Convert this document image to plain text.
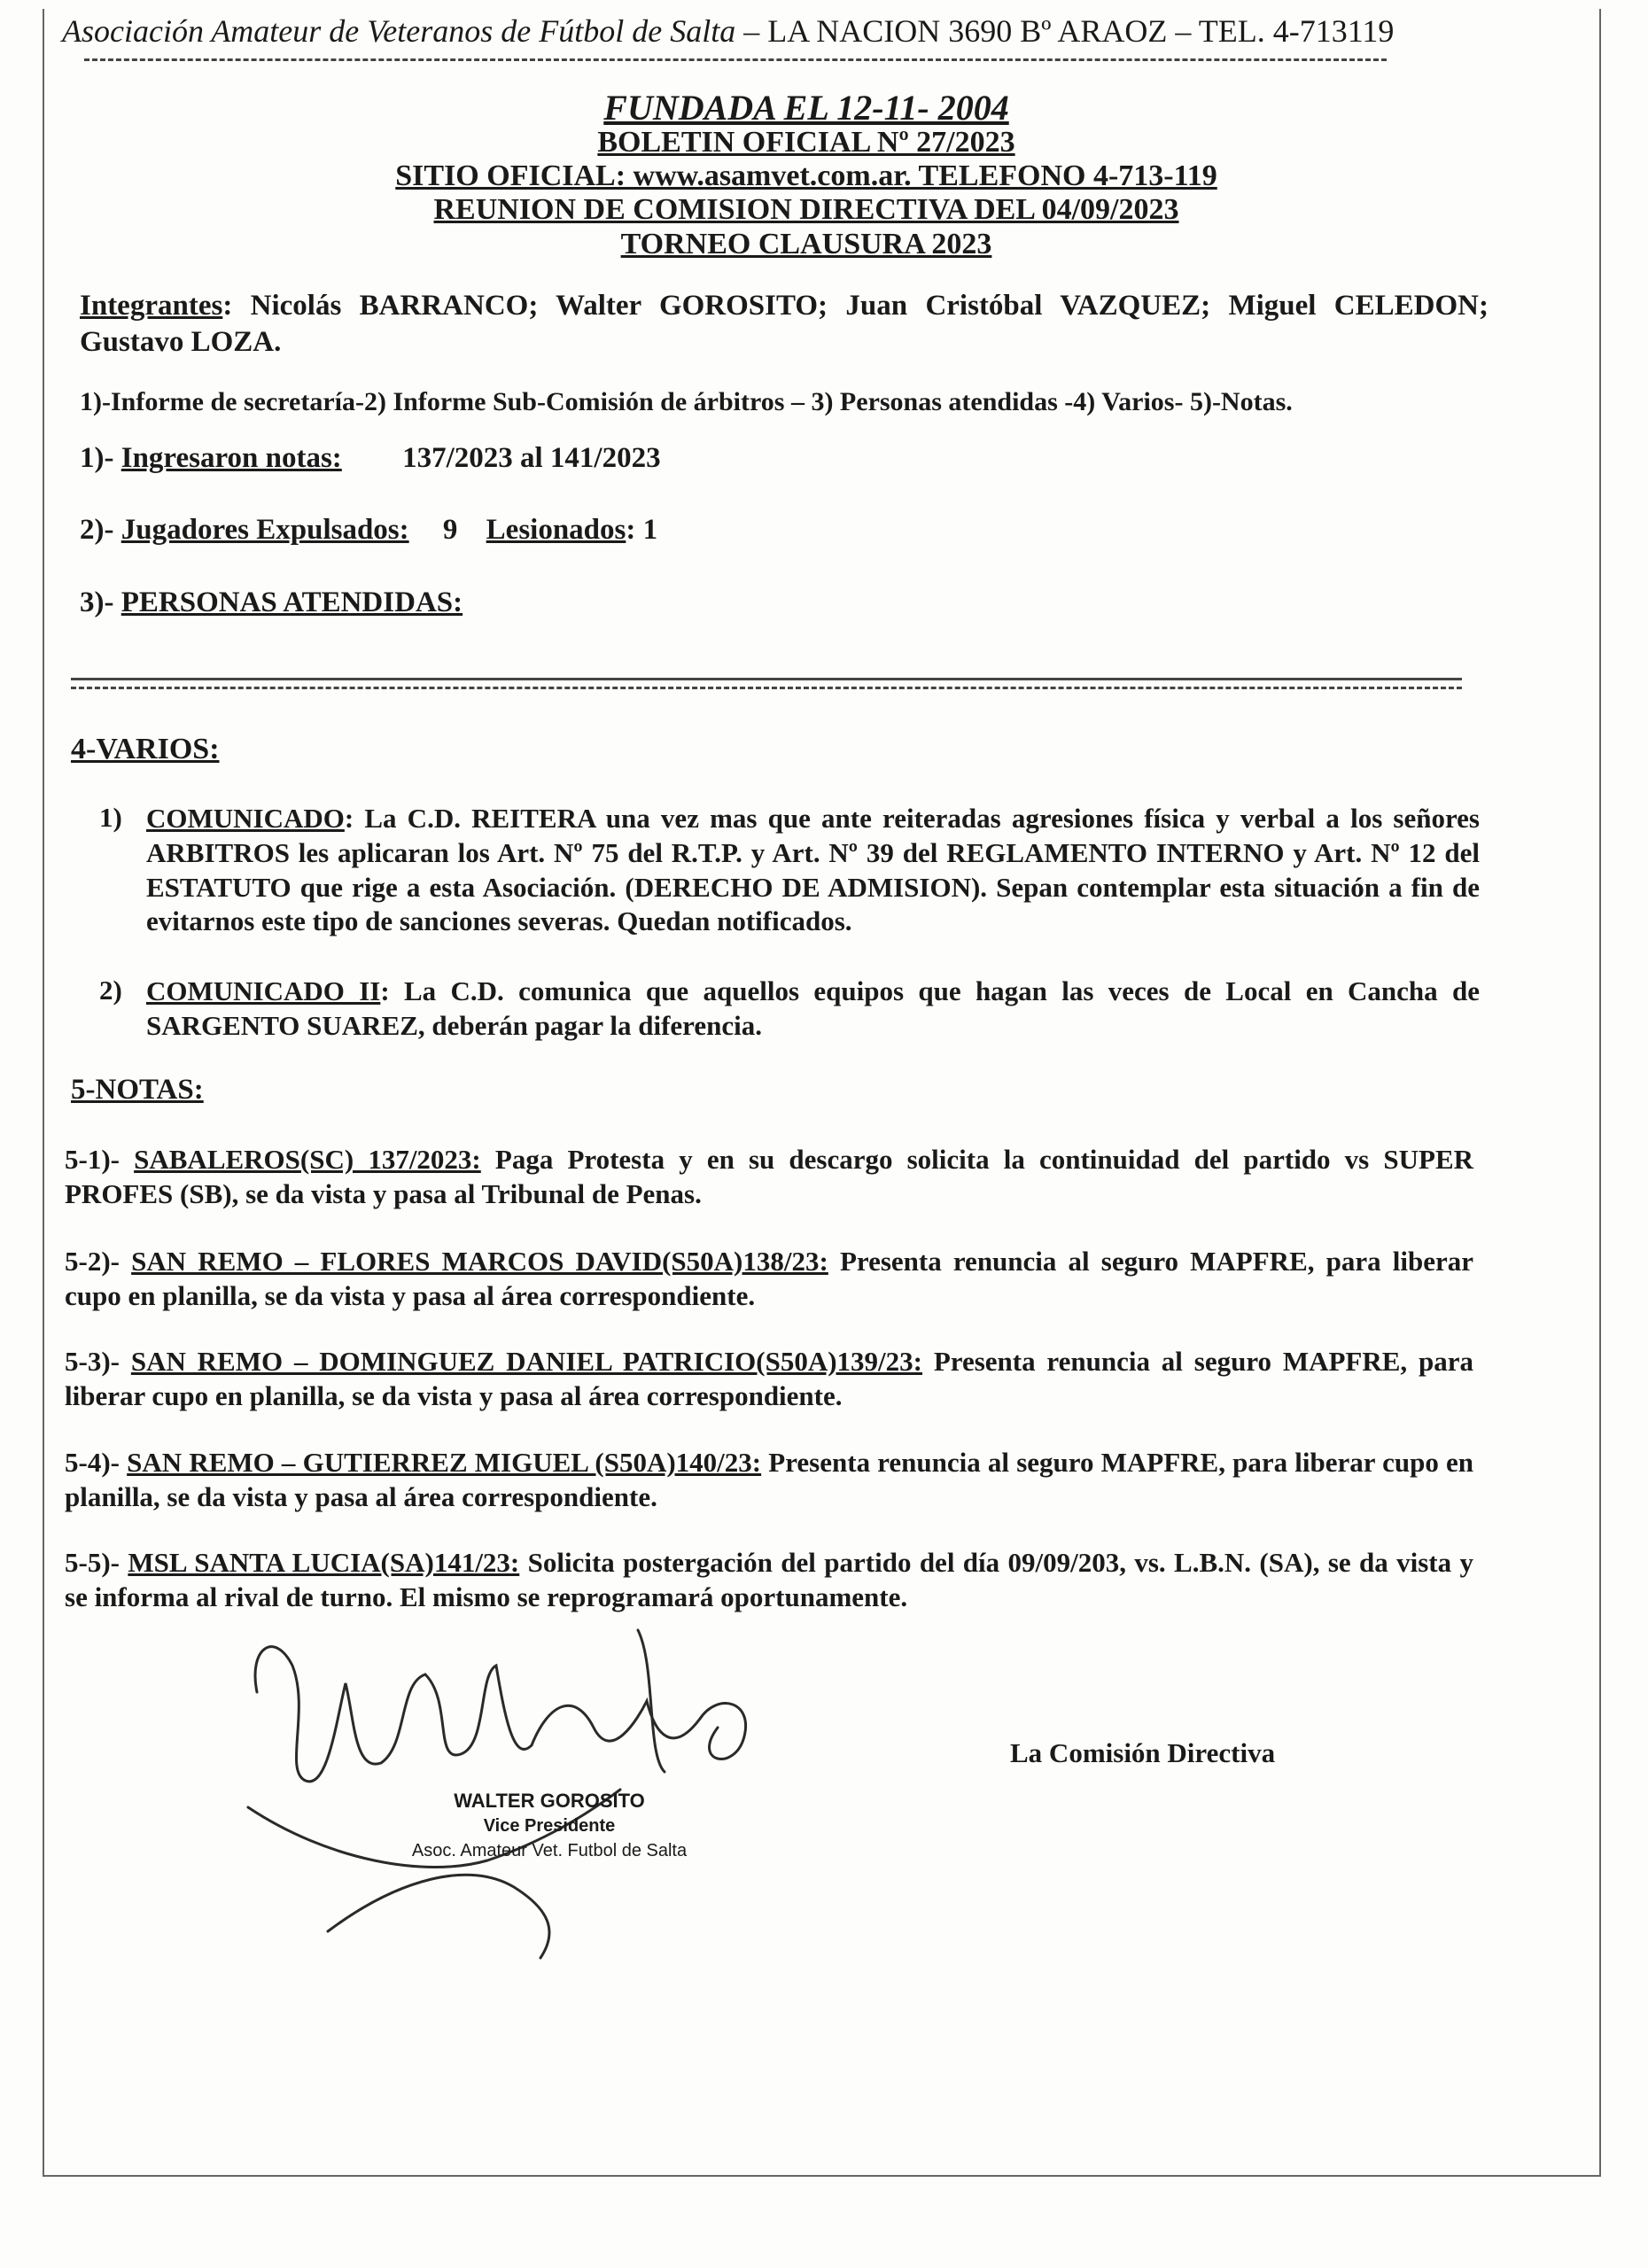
Asociación Amateur de Veteranos de Fútbol de Salta – LA NACION 3690 Bº ARAOZ – TEL. 4-713119
FUNDADA EL 12-11- 2004
BOLETIN OFICIAL Nº 27/2023
SITIO OFICIAL: www.asamvet.com.ar. TELEFONO 4-713-119
REUNION DE COMISION DIRECTIVA DEL 04/09/2023
TORNEO CLAUSURA 2023
Integrantes: Nicolás BARRANCO; Walter GOROSITO; Juan Cristóbal VAZQUEZ; Miguel CELEDON; Gustavo LOZA.
1)-Informe de secretaría-2) Informe Sub-Comisión de árbitros – 3) Personas atendidas -4) Varios- 5)-Notas.
1)- Ingresaron notas: 137/2023 al 141/2023
2)- Jugadores Expulsados: 9 Lesionados: 1
3)- PERSONAS ATENDIDAS:
4-VARIOS:
1) COMUNICADO: La C.D. REITERA una vez mas que ante reiteradas agresiones física y verbal a los señores ARBITROS les aplicaran los Art. Nº 75 del R.T.P. y Art. Nº 39 del REGLAMENTO INTERNO y Art. Nº 12 del ESTATUTO que rige a esta Asociación. (DERECHO DE ADMISION). Sepan contemplar esta situación a fin de evitarnos este tipo de sanciones severas. Quedan notificados.
2) COMUNICADO II: La C.D. comunica que aquellos equipos que hagan las veces de Local en Cancha de SARGENTO SUAREZ, deberán pagar la diferencia.
5-NOTAS:
5-1)- SABALEROS(SC) 137/2023: Paga Protesta y en su descargo solicita la continuidad del partido vs SUPER PROFES (SB), se da vista y pasa al Tribunal de Penas.
5-2)- SAN REMO – FLORES MARCOS DAVID(S50A)138/23: Presenta renuncia al seguro MAPFRE, para liberar cupo en planilla, se da vista y pasa al área correspondiente.
5-3)- SAN REMO – DOMINGUEZ DANIEL PATRICIO(S50A)139/23: Presenta renuncia al seguro MAPFRE, para liberar cupo en planilla, se da vista y pasa al área correspondiente.
5-4)- SAN REMO – GUTIERREZ MIGUEL (S50A)140/23: Presenta renuncia al seguro MAPFRE, para liberar cupo en planilla, se da vista y pasa al área correspondiente.
5-5)- MSL SANTA LUCIA(SA)141/23: Solicita postergación del partido del día 09/09/203, vs. L.B.N. (SA), se da vista y se informa al rival de turno. El mismo se reprogramará oportunamente.
WALTER GOROSITO
Vice Presidente
Asoc. Amateur Vet. Futbol de Salta
La Comisión Directiva
